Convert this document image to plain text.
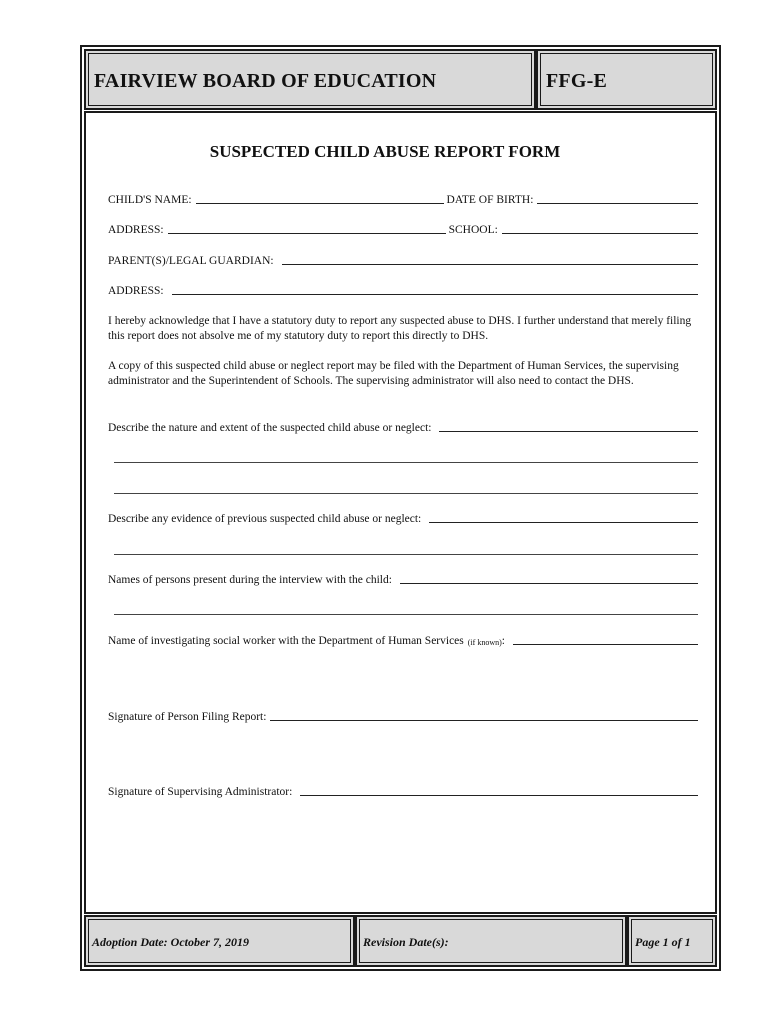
FAIRVIEW BOARD OF EDUCATION	FFG-E
SUSPECTED CHILD ABUSE REPORT FORM
CHILD'S NAME:	DATE OF BIRTH:
ADDRESS:	SCHOOL:
PARENT(S)/LEGAL GUARDIAN:
ADDRESS:
I hereby acknowledge that I have a statutory duty to report any suspected abuse to DHS. I further understand that merely filing this report does not absolve me of my statutory duty to report this directly to DHS.
A copy of this suspected child abuse or neglect report may be filed with the Department of Human Services, the supervising administrator and the Superintendent of Schools. The supervising administrator will also need to contact the DHS.
Describe the nature and extent of the suspected child abuse or neglect:
Describe any evidence of previous suspected child abuse or neglect:
Names of persons present during the interview with the child:
Name of investigating social worker with the Department of Human Services (if known) :
Signature of Person Filing Report:
Signature of Supervising Administrator:
Adoption Date: October 7, 2019	Revision Date(s):	Page 1 of 1
